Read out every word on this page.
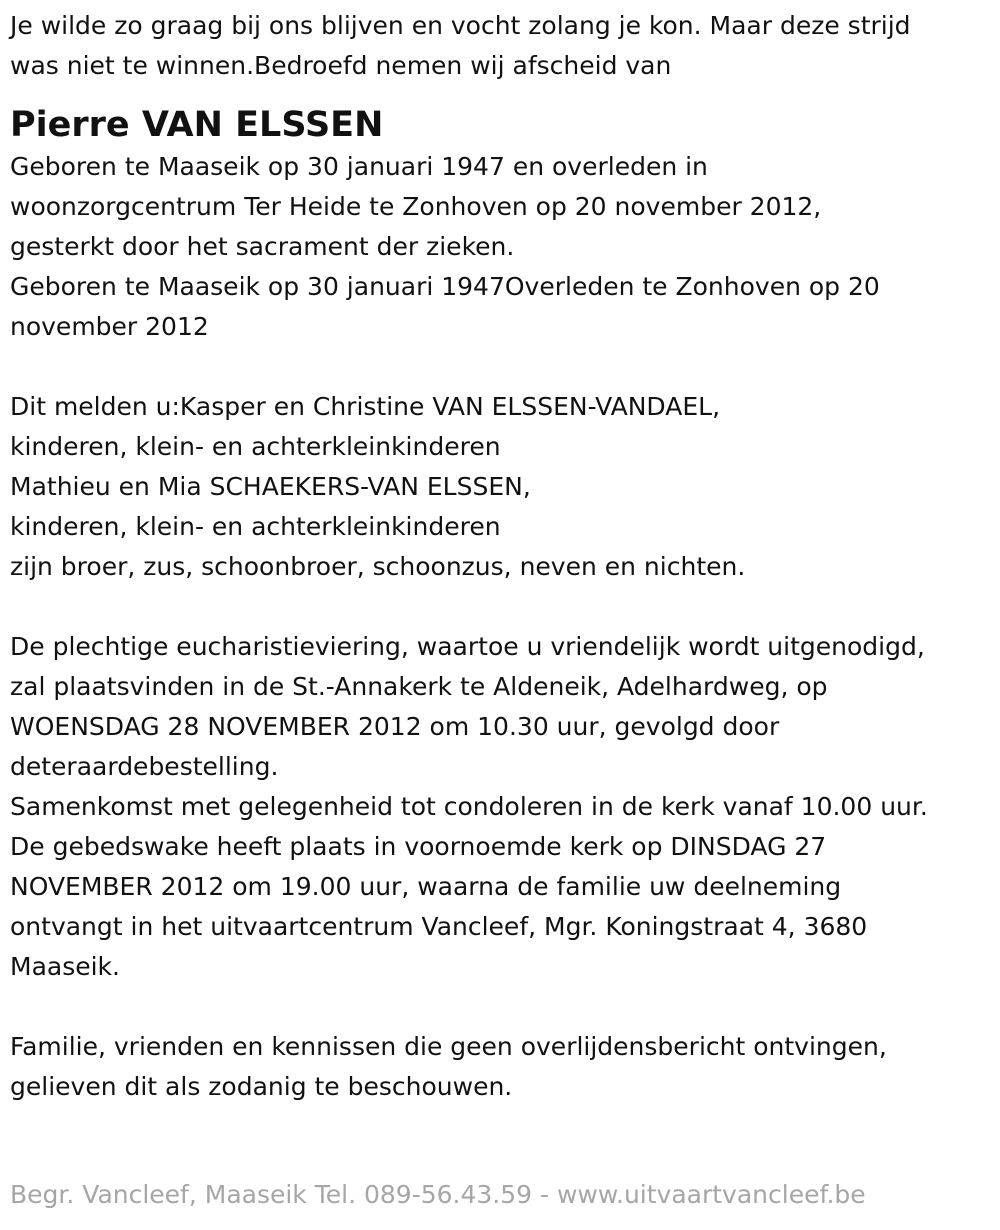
Je wilde zo graag bij ons blijven en vocht zolang je kon. Maar deze strijd
was niet te winnen.Bedroefd nemen wij afscheid van
Pierre VAN ELSSEN
Geboren te Maaseik op 30 januari 1947 en overleden in
woonzorgcentrum Ter Heide te Zonhoven op 20 november 2012,
gesterkt door het sacrament der zieken.
Geboren te Maaseik op 30 januari 1947Overleden te Zonhoven op 20
november 2012
Dit melden u:Kasper en Christine VAN ELSSEN-VANDAEL,
kinderen, klein- en achterkleinkinderen
Mathieu en Mia SCHAEKERS-VAN ELSSEN,
kinderen, klein- en achterkleinkinderen
zijn broer, zus, schoonbroer, schoonzus, neven en nichten.
De plechtige eucharistieviering, waartoe u vriendelijk wordt uitgenodigd,
zal plaatsvinden in de St.-Annakerk te Aldeneik, Adelhardweg, op
WOENSDAG 28 NOVEMBER 2012 om 10.30 uur, gevolgd door
deteraardebestelling.
Samenkomst met gelegenheid tot condoleren in de kerk vanaf 10.00 uur.
De gebedswake heeft plaats in voornoemde kerk op DINSDAG 27
NOVEMBER 2012 om 19.00 uur, waarna de familie uw deelneming
ontvangt in het uitvaartcentrum Vancleef, Mgr. Koningstraat 4, 3680
Maaseik.
Familie, vrienden en kennissen die geen overlijdensbericht ontvingen,
gelieven dit als zodanig te beschouwen.
Begr. Vancleef, Maaseik Tel. 089-56.43.59 - www.uitvaartvancleef.be
